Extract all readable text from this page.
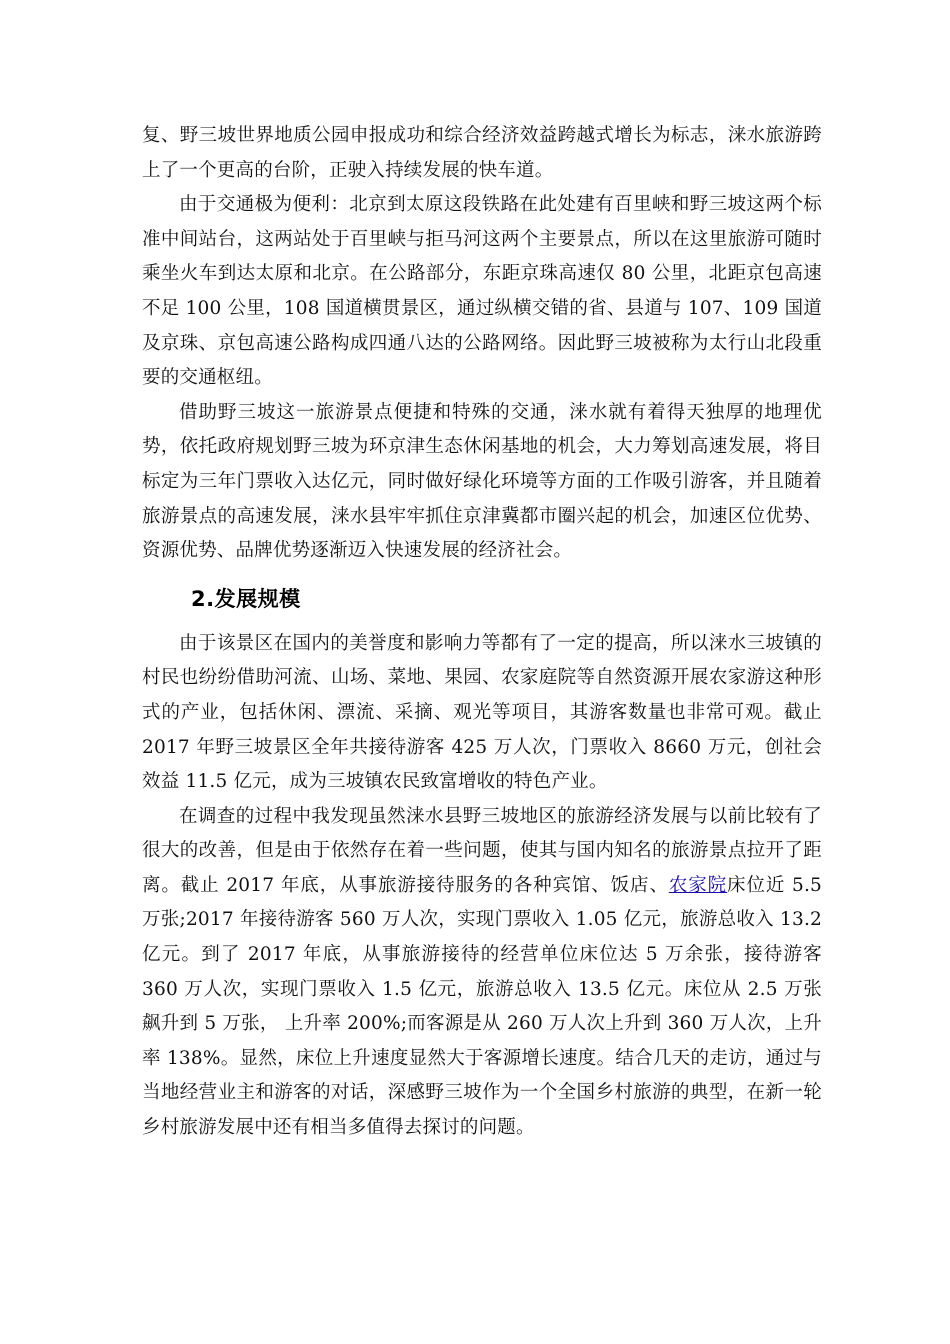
复、野三坡世界地质公园申报成功和综合经济效益跨越式增长为标志，涞水旅游跨上了一个更高的台阶，正驶入持续发展的快车道。

由于交通极为便利：北京到太原这段铁路在此处建有百里峡和野三坡这两个标准中间站台，这两站处于百里峡与拒马河这两个主要景点，所以在这里旅游可随时乘坐火车到达太原和北京。在公路部分，东距京珠高速仅 80 公里，北距京包高速不足 100 公里，108 国道横贯景区，通过纵横交错的省、县道与 107、109 国道及京珠、京包高速公路构成四通八达的公路网络。因此野三坡被称为太行山北段重要的交通枢纽。

借助野三坡这一旅游景点便捷和特殊的交通，涞水就有着得天独厚的地理优势，依托政府规划野三坡为环京津生态休闲基地的机会，大力筹划高速发展，将目标定为三年门票收入达亿元，同时做好绿化环境等方面的工作吸引游客，并且随着旅游景点的高速发展，涞水县牢牢抓住京津冀都市圈兴起的机会，加速区位优势、资源优势、品牌优势逐渐迈入快速发展的经济社会。

2.发展规模

由于该景区在国内的美誉度和影响力等都有了一定的提高，所以涞水三坡镇的村民也纷纷借助河流、山场、菜地、果园、农家庭院等自然资源开展农家游这种形式的产业，包括休闲、漂流、采摘、观光等项目，其游客数量也非常可观。截止 2017 年野三坡景区全年共接待游客 425 万人次，门票收入 8660 万元，创社会效益 11.5 亿元，成为三坡镇农民致富增收的特色产业。

在调查的过程中我发现虽然涞水县野三坡地区的旅游经济发展与以前比较有了很大的改善，但是由于依然存在着一些问题，使其与国内知名的旅游景点拉开了距离。截止 2017 年底，从事旅游接待服务的各种宾馆、饭店、农家院床位近 5.5 万张;2017 年接待游客 560 万人次，实现门票收入 1.05 亿元，旅游总收入 13.2 亿元。到了 2017 年底，从事旅游接待的经营单位床位达 5 万余张，接待游客 360 万人次，实现门票收入 1.5 亿元，旅游总收入 13.5 亿元。床位从 2.5 万张飙升到 5 万张， 上升率 200%;而客源是从 260 万人次上升到 360 万人次，上升率 138%。显然，床位上升速度显然大于客源增长速度。结合几天的走访，通过与当地经营业主和游客的对话，深感野三坡作为一个全国乡村旅游的典型，在新一轮乡村旅游发展中还有相当多值得去探讨的问题。
